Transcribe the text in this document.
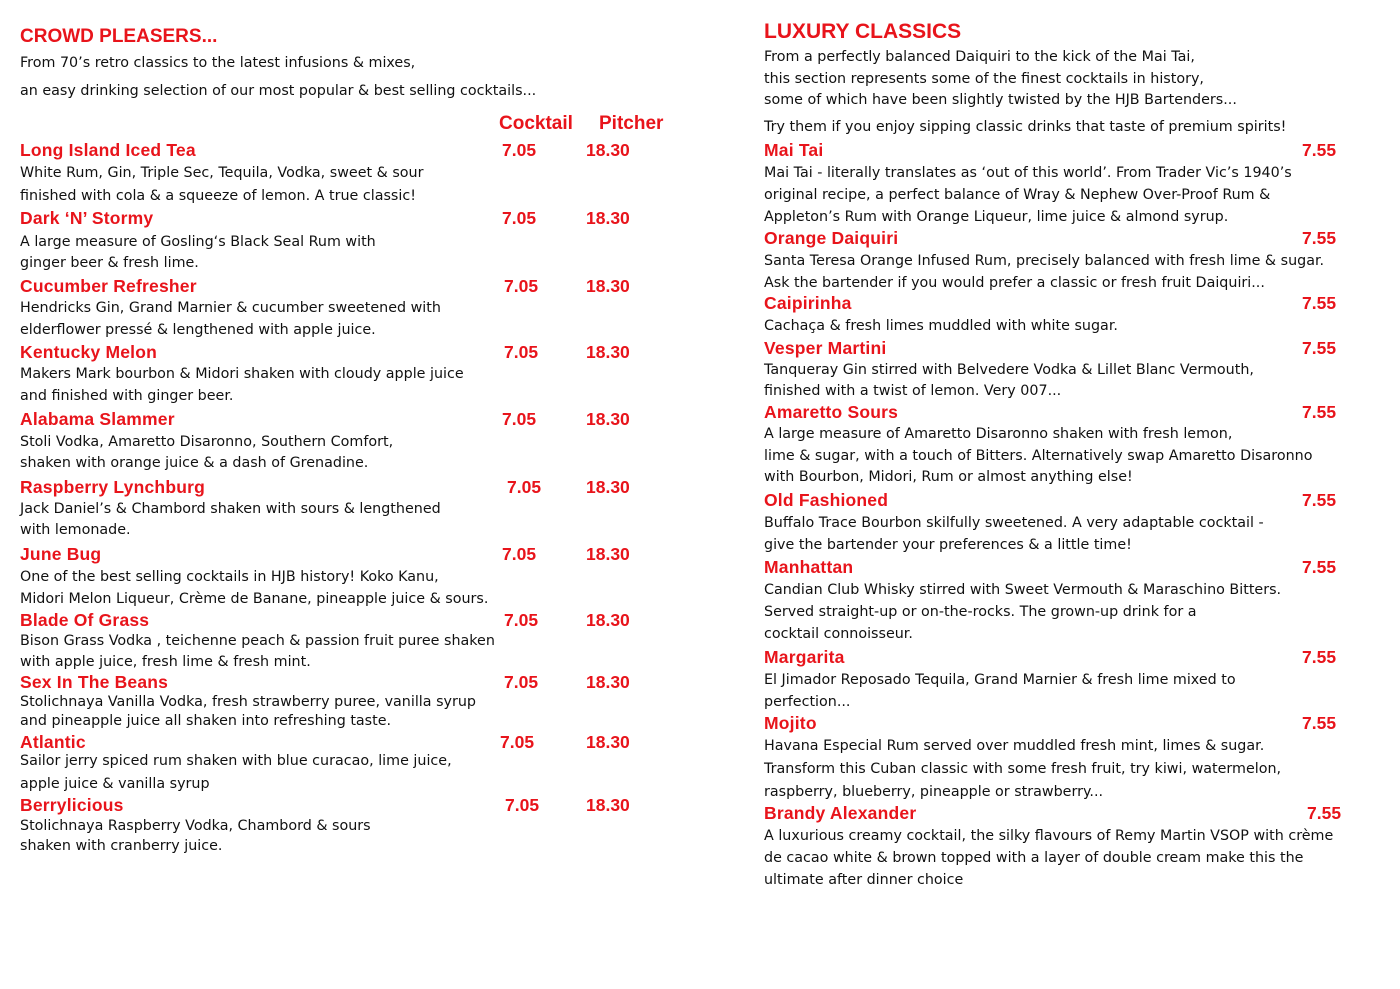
CROWD PLEASERS...
From 70’s retro classics to the latest infusions & mixes,
an easy drinking selection of our most popular & best selling cocktails...
Cocktail Pitcher
Long Island Iced Tea	7.05	18.30
White Rum, Gin, Triple Sec, Tequila, Vodka, sweet & sour
finished with cola & a squeeze of lemon. A true classic!
Dark ‘N’ Stormy	7.05	18.30
A large measure of Gosling‘s Black Seal Rum with
ginger beer & fresh lime.
Cucumber Refresher	7.05	18.30
Hendricks Gin, Grand Marnier & cucumber sweetened with
elderflower pressé & lengthened with apple juice.
Kentucky Melon	7.05	18.30
Makers Mark bourbon & Midori shaken with cloudy apple juice
and finished with ginger beer.
Alabama Slammer	7.05	18.30
Stoli Vodka, Amaretto Disaronno, Southern Comfort,
shaken with orange juice & a dash of Grenadine.
Raspberry Lynchburg	7.05	18.30
Jack Daniel’s & Chambord shaken with sours & lengthened
with lemonade.
June Bug	7.05	18.30
One of the best selling cocktails in HJB history! Koko Kanu,
Midori Melon Liqueur, Crème de Banane, pineapple juice & sours.
Blade Of Grass	7.05	18.30
Bison Grass Vodka , teichenne peach & passion fruit puree shaken
with apple juice, fresh lime & fresh mint.
Sex In The Beans	7.05	18.30
Stolichnaya Vanilla Vodka, fresh strawberry puree, vanilla syrup
and pineapple juice all shaken into refreshing taste.
Atlantic	7.05	18.30
Sailor jerry spiced rum shaken with blue curacao, lime juice,
apple juice & vanilla syrup
Berrylicious	7.05	18.30
Stolichnaya Raspberry Vodka, Chambord & sours
shaken with cranberry juice.
LUXURY CLASSICS
From a perfectly balanced Daiquiri to the kick of the Mai Tai,
this section represents some of the finest cocktails in history,
some of which have been slightly twisted by the HJB Bartenders...
Try them if you enjoy sipping classic drinks that taste of premium spirits!
Mai Tai	7.55
Mai Tai - literally translates as ‘out of this world’. From Trader Vic’s 1940’s
original recipe, a perfect balance of Wray & Nephew Over-Proof Rum &
Appleton’s Rum with Orange Liqueur, lime juice & almond syrup.
Orange Daiquiri	7.55
Santa Teresa Orange Infused Rum, precisely balanced with fresh lime & sugar.
Ask the bartender if you would prefer a classic or fresh fruit Daiquiri...
Caipirinha	7.55
Cachaça & fresh limes muddled with white sugar.
Vesper Martini	7.55
Tanqueray Gin stirred with Belvedere Vodka & Lillet Blanc Vermouth,
finished with a twist of lemon. Very 007...
Amaretto Sours	7.55
A large measure of Amaretto Disaronno shaken with fresh lemon,
lime & sugar, with a touch of Bitters. Alternatively swap Amaretto Disaronno
with Bourbon, Midori, Rum or almost anything else!
Old Fashioned	7.55
Buffalo Trace Bourbon skilfully sweetened. A very adaptable cocktail -
give the bartender your preferences & a little time!
Manhattan	7.55
Candian Club Whisky stirred with Sweet Vermouth & Maraschino Bitters.
Served straight-up or on-the-rocks. The grown-up drink for a
cocktail connoisseur.
Margarita	7.55
El Jimador Reposado Tequila, Grand Marnier & fresh lime mixed to
perfection...
Mojito	7.55
Havana Especial Rum served over muddled fresh mint, limes & sugar.
Transform this Cuban classic with some fresh fruit, try kiwi, watermelon,
raspberry, blueberry, pineapple or strawberry...
Brandy Alexander	7.55
A luxurious creamy cocktail, the silky flavours of Remy Martin VSOP with crème
de cacao white & brown topped with a layer of double cream make this the
ultimate after dinner choice
